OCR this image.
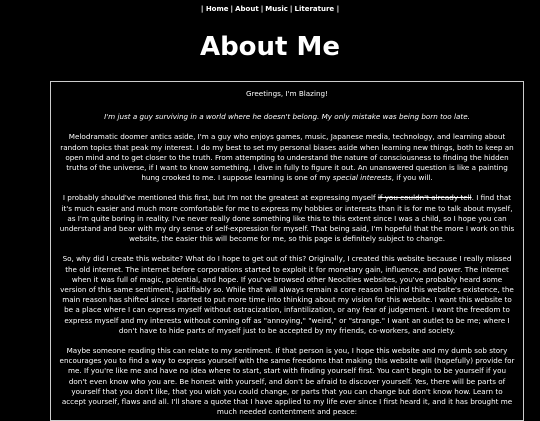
| Home | About | Music | Literature |
About Me

Greetings, I'm Blazing!

I'm just a guy surviving in a world where he doesn't belong. My only mistake was being born too late.

Melodramatic doomer antics aside, I'm a guy who enjoys games, music, Japanese media, technology, and learning about random topics that peak my interest. I do my best to set my personal biases aside when learning new things, both to keep an open mind and to get closer to the truth. From attempting to understand the nature of consciousness to finding the hidden truths of the universe, if I want to know something, I dive in fully to figure it out. An unanswered question is like a painting hung crooked to me. I suppose learning is one of my special interests, if you will.

I probably should've mentioned this first, but I'm not the greatest at expressing myself if you couldn't already tell. I find that it's much easier and much more comfortable for me to express my hobbies or interests than it is for me to talk about myself, as I'm quite boring in reality. I've never really done something like this to this extent since I was a child, so I hope you can understand and bear with my dry sense of self-expression for myself. That being said, I'm hopeful that the more I work on this website, the easier this will become for me, so this page is definitely subject to change.

So, why did I create this website? What do I hope to get out of this? Originally, I created this website because I really missed the old internet. The internet before corporations started to exploit it for monetary gain, influence, and power. The internet when it was full of magic, potential, and hope. If you've browsed other Neocities websites, you've probably heard some version of this same sentiment, justifiably so. While that will always remain a core reason behind this website's existence, the main reason has shifted since I started to put more time into thinking about my vision for this website. I want this website to be a place where I can express myself without ostracization, infantilization, or any fear of judgement. I want the freedom to express myself and my interests without coming off as "annoying," "weird," or "strange." I want an outlet to be me; where I don't have to hide parts of myself just to be accepted by my friends, co-workers, and society.

Maybe someone reading this can relate to my sentiment. If that person is you, I hope this website and my dumb sob story encourages you to find a way to express yourself with the same freedoms that making this website will (hopefully) provide for me. If you're like me and have no idea where to start, start with finding yourself first. You can't begin to be yourself if you don't even know who you are. Be honest with yourself, and don't be afraid to discover yourself. Yes, there will be parts of yourself that you don't like, that you wish you could change, or parts that you can change but don't know how. Learn to accept yourself, flaws and all. I'll share a quote that I have applied to my life ever since I first heard it, and it has brought me much needed contentment and peace:
